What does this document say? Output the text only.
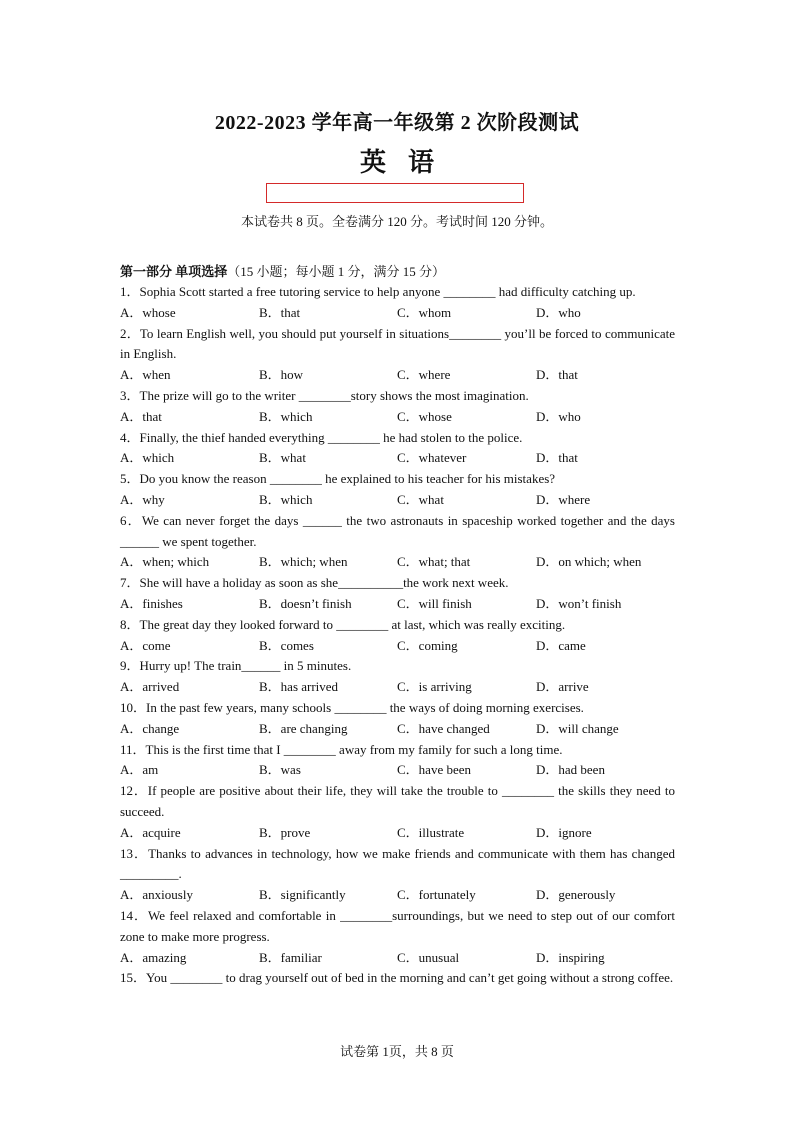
2022-2023 学年高一年级第 2 次阶段测试
英语
本试卷共 8 页。全卷满分 120 分。考试时间 120 分钟。
第一部分 单项选择（15 小题；每小题 1 分，满分 15 分）
1．Sophia Scott started a free tutoring service to help anyone ________ had difficulty catching up.
A．whose	B．that	C．whom	D．who
2．To learn English well, you should put yourself in situations________ you’ll be forced to communicate in English.
A．when	B．how	C．where	D．that
3．The prize will go to the writer ________story shows the most imagination.
A．that	B．which	C．whose	D．who
4．Finally, the thief handed everything ________ he had stolen to the police.
A．which	B．what	C．whatever	D．that
5．Do you know the reason ________ he explained to his teacher for his mistakes?
A．why	B．which	C．what	D．where
6．We can never forget the days ______ the two astronauts in spaceship worked together and the days ______ we spent together.
A．when; which	B．which; when	C．what; that	D．on which; when
7．She will have a holiday as soon as she__________the work next week.
A．finishes	B．doesn’t finish	C．will finish	D．won’t finish
8．The great day they looked forward to ________ at last, which was really exciting.
A．come	B．comes	C．coming	D．came
9．Hurry up! The train______ in 5 minutes.
A．arrived	B．has arrived	C．is arriving	D．arrive
10．In the past few years, many schools ________ the ways of doing morning exercises.
A．change	B．are changing	C．have changed	D．will change
11．This is the first time that I ________ away from my family for such a long time.
A．am	B．was	C．have been	D．had been
12．If people are positive about their life, they will take the trouble to ________ the skills they need to succeed.
A．acquire	B．prove	C．illustrate	D．ignore
13．Thanks to advances in technology, how we make friends and communicate with them has changed _________.
A．anxiously	B．significantly	C．fortunately	D．generously
14．We feel relaxed and comfortable in ________surroundings, but we need to step out of our comfort zone to make more progress.
A．amazing	B．familiar	C．unusual	D．inspiring
15．You ________ to drag yourself out of bed in the morning and can’t get going without a strong coffee.
试卷第 1页，共 8 页
